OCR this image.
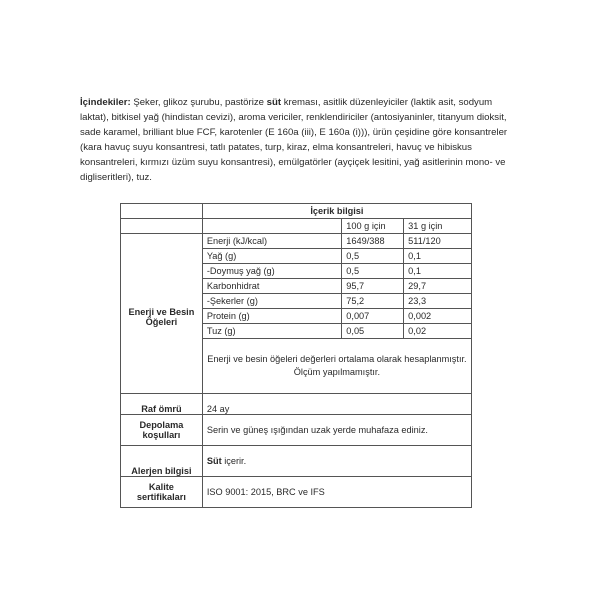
İçindekiler: Şeker, glikoz şurubu, pastörize süt kreması, asitlik düzenleyiciler (laktik asit, sodyum laktat), bitkisel yağ (hindistan cevizi), aroma vericiler, renklendiriciler (antosiyaninler, titanyum dioksit, sade karamel, brilliant blue FCF, karotenler (E 160a (iii), E 160a (i))), ürün çeşidine göre konsantreler (kara havuç suyu konsantresi, tatlı patates, turp, kiraz, elma konsantreleri, havuç ve hibiskus konsantreleri, kırmızı üzüm suyu konsantresi), emülgatörler (ayçiçek lesitini, yağ asitlerinin mono- ve digliseritleri), tuz.
	İçerik bilgisi		
		100 g için	31 g için
Enerji ve Besin Öğeleri	Enerji (kJ/kcal)	1649/388	511/120
	Yağ (g)	0,5	0,1
	-Doymuş yağ (g)	0,5	0,1
	Karbonhidrat	95,7	29,7
	-Şekerler (g)	75,2	23,3
	Protein (g)	0,007	0,002
	Tuz (g)	0,05	0,02
	Enerji ve besin öğeleri değerleri ortalama olarak hesaplanmıştır. Ölçüm yapılmamıştır.		
Raf ömrü	24 ay		
Depolama koşulları	Serin ve güneş ışığından uzak yerde muhafaza ediniz.		
Alerjen bilgisi	Süt içerir.		
Kalite sertifikaları	ISO 9001: 2015, BRC ve IFS		
